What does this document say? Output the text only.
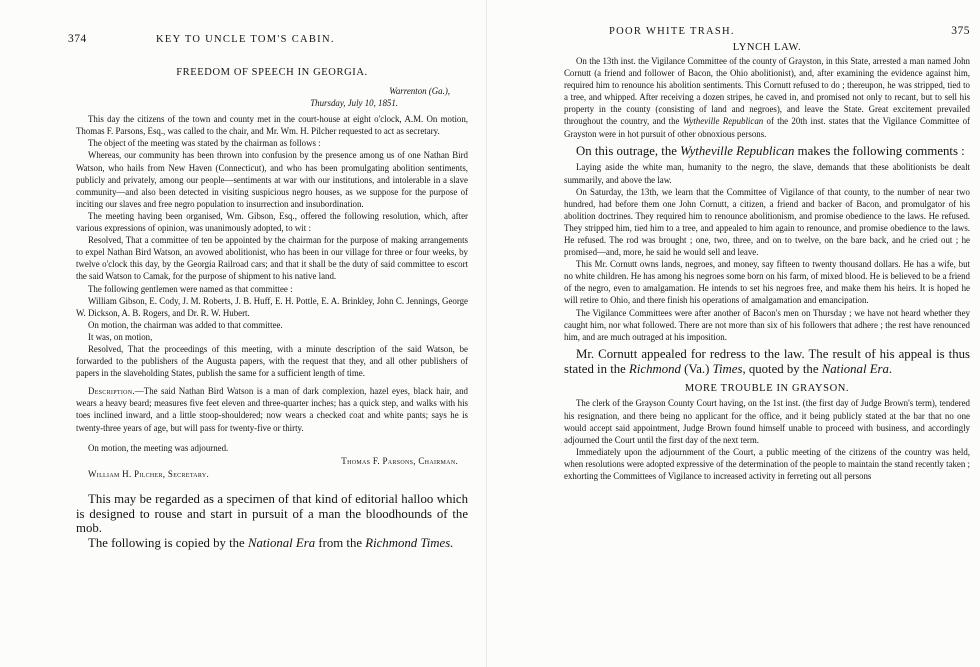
374	KEY TO UNCLE TOM'S CABIN.
FREEDOM OF SPEECH IN GEORGIA.

Warrenton (Ga.),

Thursday, July 10, 1851.

This day the citizens of the town and county met in the court-house at eight o'clock, A.M. On motion, Thomas F. Parsons, Esq., was called to the chair, and Mr. Wm. H. Pilcher requested to act as secretary.

The object of the meeting was stated by the chairman as follows :

Whereas, our community has been thrown into confusion by the presence among us of one Nathan Bird Watson, who hails from New Haven (Connecticut), and who has been promulgating abolition sentiments, publicly and privately, among our people—sentiments at war with our institutions, and intolerable in a slave community—and also been detected in visiting suspicious negro houses, as we suppose for the purpose of inciting our slaves and free negro population to insurrection and insubordination.

The meeting having been organised, Wm. Gibson, Esq., offered the following resolution, which, after various expressions of opinion, was unanimously adopted, to wit :

Resolved, That a committee of ten be appointed by the chairman for the purpose of making arrangements to expel Nathan Bird Watson, an avowed abolitionist, who has been in our village for three or four weeks, by twelve o'clock this day, by the Georgia Railroad cars; and that it shall be the duty of said committee to escort the said Watson to Camak, for the purpose of shipment to his native land.

The following gentlemen were named as that committee :

William Gibson, E. Cody, J. M. Roberts, J. B. Huff, E. H. Pottle, E. A. Brinkley, John C. Jennings, George W. Dickson, A. B. Rogers, and Dr. R. W. Hubert.

On motion, the chairman was added to that committee.

It was, on motion,

Resolved, That the proceedings of this meeting, with a minute description of the said Watson, be forwarded to the publishers of the Augusta papers, with the request that they, and all other publishers of papers in the slaveholding States, publish the same for a sufficient length of time.

Description.—The said Nathan Bird Watson is a man of dark complexion, hazel eyes, black hair, and wears a heavy beard; measures five feet eleven and three-quarter inches; has a quick step, and walks with his toes inclined inward, and a little stoop-shouldered; now wears a checked coat and white pants; says he is twenty-three years of age, but will pass for twenty-five or thirty.

On motion, the meeting was adjourned.

Thomas F. Parsons, Chairman.
William H. Pilcher, Secretary.

This may be regarded as a specimen of that kind of editorial halloo which is designed to rouse and start in pursuit of a man the bloodhounds of the mob.

The following is copied by the National Era from the Richmond Times.

POOR WHITE TRASH.	375
LYNCH LAW.

On the 13th inst. the Vigilance Committee of the county of Grayston, in this State, arrested a man named John Cornutt (a friend and follower of Bacon, the Ohio abolitionist), and, after examining the evidence against him, required him to renounce his abolition sentiments. This Cornutt refused to do ; thereupon, he was stripped, tied to a tree, and whipped. After receiving a dozen stripes, he caved in, and promised not only to recant, but to sell his property in the county (consisting of land and negroes), and leave the State. Great excitement prevailed throughout the country, and the Wytheville Republican of the 20th inst. states that the Vigilance Committee of Grayston were in hot pursuit of other obnoxious persons.

On this outrage, the Wytheville Republican makes the following comments :

Laying aside the white man, humanity to the negro, the slave, demands that these abolitionists be dealt summarily, and above the law.

On Saturday, the 13th, we learn that the Committee of Vigilance of that county, to the number of near two hundred, had before them one John Cornutt, a citizen, a friend and backer of Bacon, and promulgator of his abolition doctrines. They required him to renounce abolitionism, and promise obedience to the laws. He refused. They stripped him, tied him to a tree, and appealed to him again to renounce, and promise obedience to the laws. He refused. The rod was brought ; one, two, three, and on to twelve, on the bare back, and he cried out ; he promised—and, more, he said he would sell and leave.

This Mr. Cornutt owns lands, negroes, and money, say fifteen to twenty thousand dollars. He has a wife, but no white children. He has among his negroes some born on his farm, of mixed blood. He is believed to be a friend of the negro, even to amalgamation. He intends to set his negroes free, and make them his heirs. It is hoped he will retire to Ohio, and there finish his operations of amalgamation and emancipation.

The Vigilance Committees were after another of Bacon's men on Thursday ; we have not heard whether they caught him, nor what followed. There are not more than six of his followers that adhere ; the rest have renounced him, and are much outraged at his imposition.

Mr. Cornutt appealed for redress to the law. The result of his appeal is thus stated in the Richmond (Va.) Times, quoted by the National Era.

MORE TROUBLE IN GRAYSON.

The clerk of the Grayson County Court having, on the 1st inst. (the first day of Judge Brown's term), tendered his resignation, and there being no applicant for the office, and it being publicly stated at the bar that no one would accept said appointment, Judge Brown found himself unable to proceed with business, and accordingly adjourned the Court until the first day of the next term.

Immediately upon the adjournment of the Court, a public meeting of the citizens of the country was held, when resolutions were adopted expressive of the determination of the people to maintain the stand recently taken ; exhorting the Committees of Vigilance to increased activity in ferreting out all persons
